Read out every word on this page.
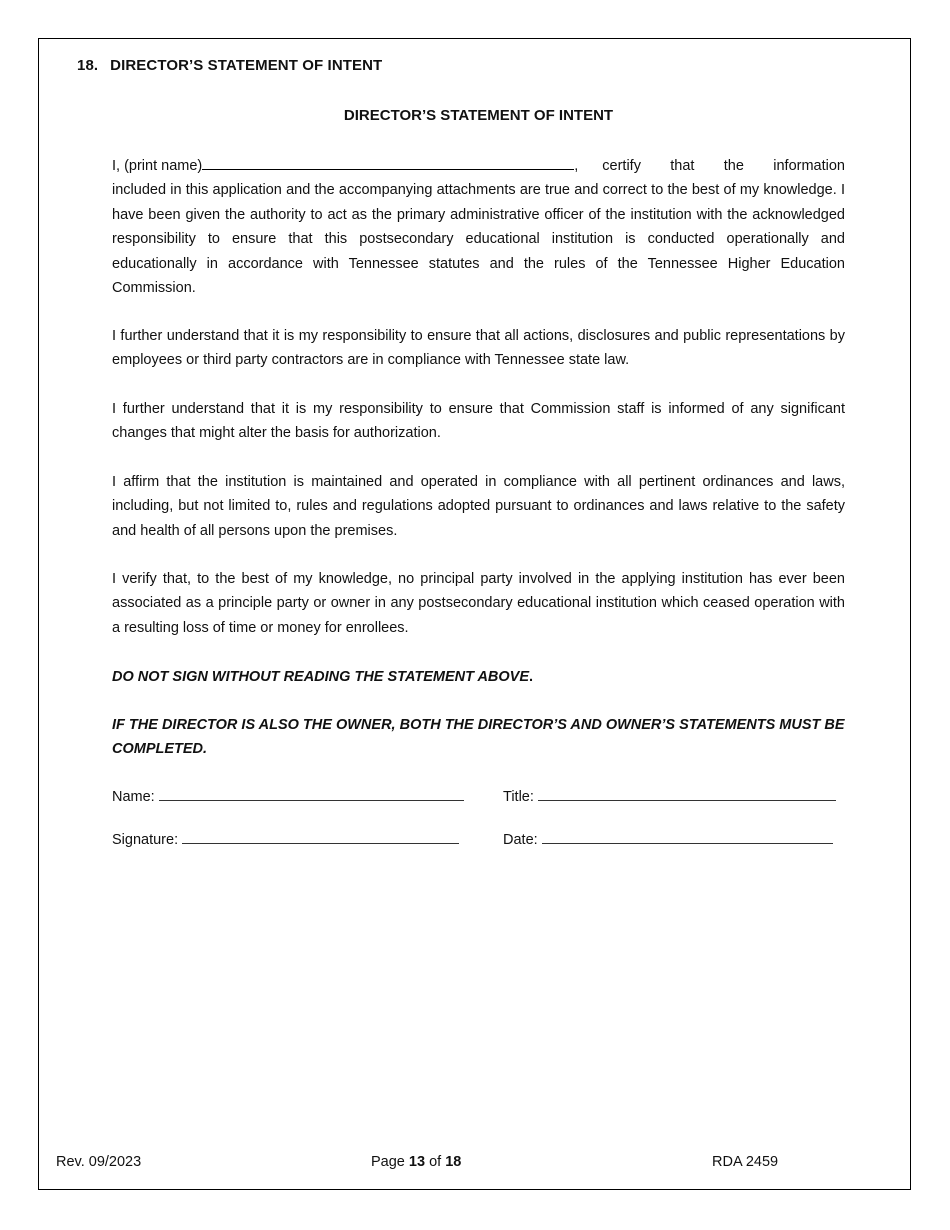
18. DIRECTOR’S STATEMENT OF INTENT
DIRECTOR’S STATEMENT OF INTENT
I, (print name)	, certify that the information
included in this application and the accompanying attachments are true and correct to the best of my knowledge. I have been given the authority to act as the primary administrative officer of the institution with the acknowledged responsibility to ensure that this postsecondary educational institution is conducted operationally and educationally in accordance with Tennessee statutes and the rules of the Tennessee Higher Education Commission.
I further understand that it is my responsibility to ensure that all actions, disclosures and public representations by employees or third party contractors are in compliance with Tennessee state law.
I further understand that it is my responsibility to ensure that Commission staff is informed of any significant changes that might alter the basis for authorization.
I affirm that the institution is maintained and operated in compliance with all pertinent ordinances and laws, including, but not limited to, rules and regulations adopted pursuant to ordinances and laws relative to the safety and health of all persons upon the premises.
I verify that, to the best of my knowledge, no principal party involved in the applying institution has ever been associated as a principle party or owner in any postsecondary educational institution which ceased operation with a resulting loss of time or money for enrollees.
DO NOT SIGN WITHOUT READING THE STATEMENT ABOVE.
IF THE DIRECTOR IS ALSO THE OWNER, BOTH THE DIRECTOR’S AND OWNER’S STATEMENTS MUST BE COMPLETED.
Name:	Title:
Signature:	Date:
Rev. 09/2023	Page 13 of 18	RDA 2459
